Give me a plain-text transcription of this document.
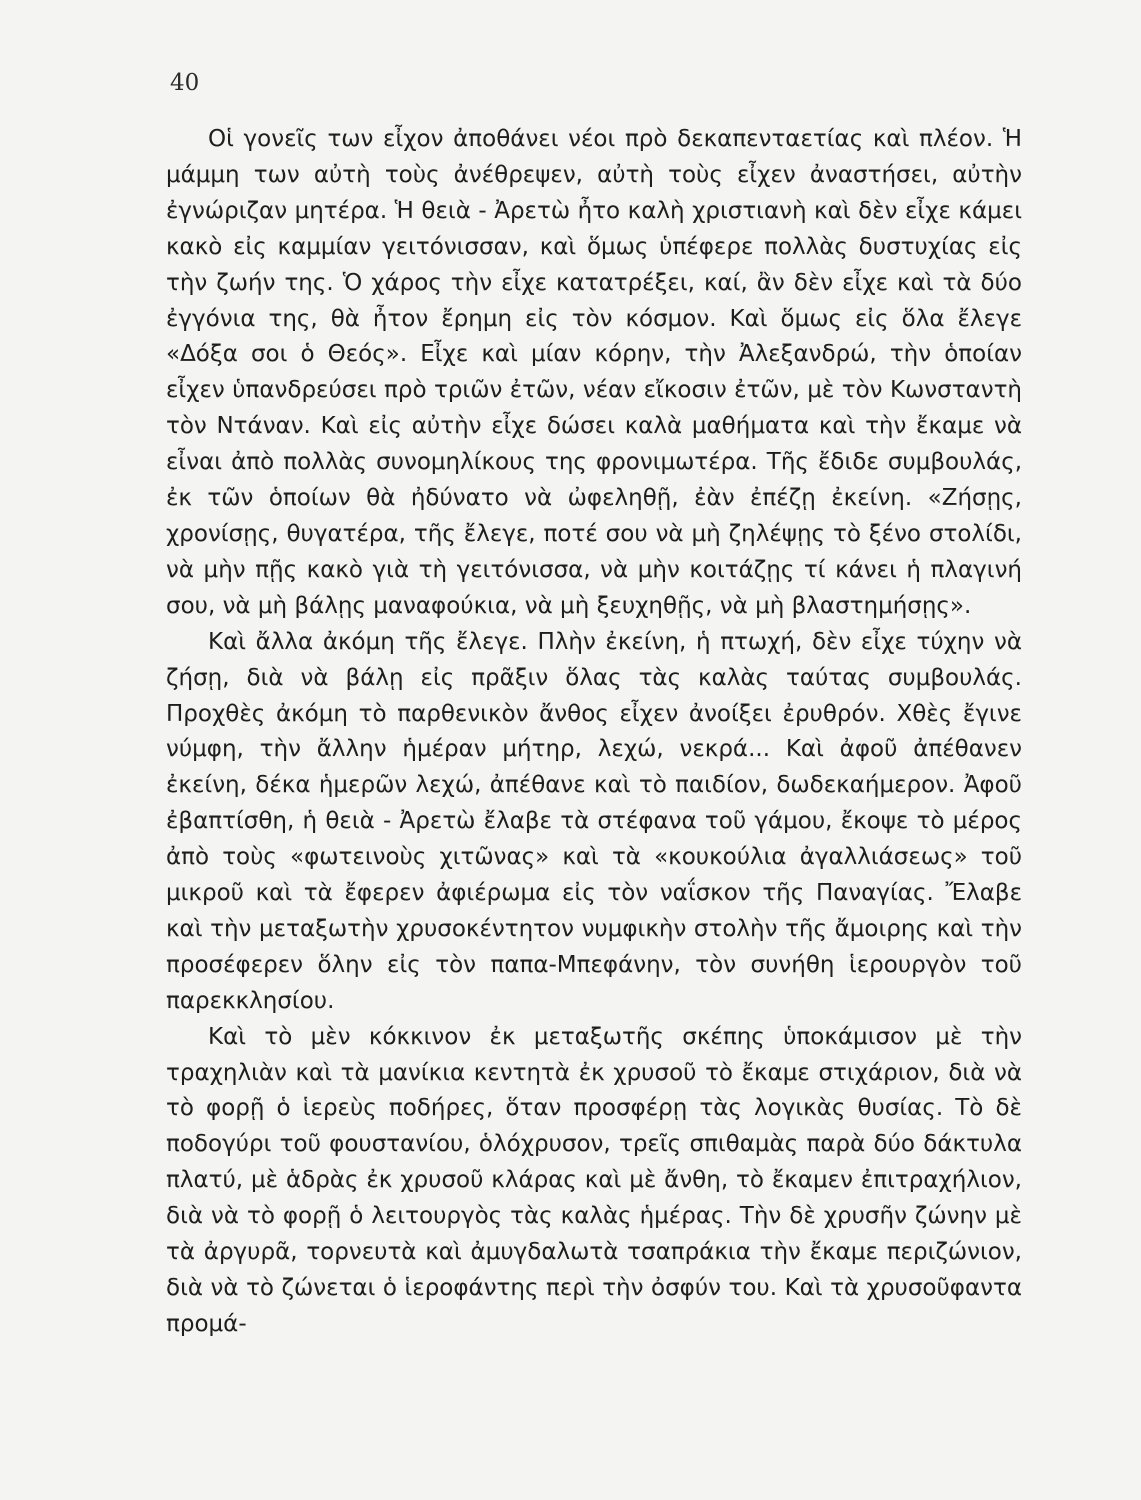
40

Οἱ γονεῖς των εἶχον ἀποθάνει νέοι πρὸ δεκαπενταετίας καὶ πλέον. Ἡ μάμμη των αὐτὴ τοὺς ἀνέθρεψεν, αὐτὴ τοὺς εἶχεν ἀναστήσει, αὐτὴν ἐγνώριζαν μητέρα. Ἡ θειὰ - Ἀρετὼ ἦτο καλὴ χριστιανὴ καὶ δὲν εἶχε κάμει κακὸ εἰς καμμίαν γειτόνισσαν, καὶ ὅμως ὑπέφερε πολλὰς δυστυχίας εἰς τὴν ζωήν της. Ὁ χάρος τὴν εἶχε κατατρέξει, καί, ἂν δὲν εἶχε καὶ τὰ δύο ἐγγόνια της, θὰ ἦτον ἔρημη εἰς τὸν κόσμον. Καὶ ὅμως εἰς ὅλα ἔλεγε «Δόξα σοι ὁ Θεός». Εἶχε καὶ μίαν κόρην, τὴν Ἀλεξανδρώ, τὴν ὁποίαν εἶχεν ὑπανδρεύσει πρὸ τριῶν ἐτῶν, νέαν εἴκοσιν ἐτῶν, μὲ τὸν Κωνσταντὴ τὸν Ντάναν. Καὶ εἰς αὐτὴν εἶχε δώσει καλὰ μαθήματα καὶ τὴν ἔκαμε νὰ εἶναι ἀπὸ πολλὰς συνομηλίκους της φρονιμωτέρα. Τῆς ἔδιδε συμβουλάς, ἐκ τῶν ὁποίων θὰ ἠδύνατο νὰ ὠφεληθῇ, ἐὰν ἐπέζῃ ἐκείνη. «Ζήσῃς, χρονίσῃς, θυγατέρα, τῆς ἔλεγε, ποτέ σου νὰ μὴ ζηλέψῃς τὸ ξένο στολίδι, νὰ μὴν πῇς κακὸ γιὰ τὴ γειτόνισσα, νὰ μὴν κοιτάζῃς τί κάνει ἡ πλαγινή σου, νὰ μὴ βάλῃς μαναφούκια, νὰ μὴ ξευχηθῇς, νὰ μὴ βλαστημήσῃς».

Καὶ ἄλλα ἀκόμη τῆς ἔλεγε. Πλὴν ἐκείνη, ἡ πτωχή, δὲν εἶχε τύχην νὰ ζήσῃ, διὰ νὰ βάλῃ εἰς πρᾶξιν ὅλας τὰς καλὰς ταύτας συμβουλάς. Προχθὲς ἀκόμη τὸ παρθενικὸν ἄνθος εἶχεν ἀνοίξει ἐρυθρόν. Χθὲς ἔγινε νύμφη, τὴν ἄλλην ἡμέραν μήτηρ, λεχώ, νεκρά... Καὶ ἀφοῦ ἀπέθανεν ἐκείνη, δέκα ἡμερῶν λεχώ, ἀπέθανε καὶ τὸ παιδίον, δωδεκαήμερον. Ἀφοῦ ἐβαπτίσθη, ἡ θειὰ - Ἀρετὼ ἔλαβε τὰ στέφανα τοῦ γάμου, ἔκοψε τὸ μέρος ἀπὸ τοὺς «φωτεινοὺς χιτῶνας» καὶ τὰ «κουκούλια ἀγαλλιάσεως» τοῦ μικροῦ καὶ τὰ ἔφερεν ἀφιέρωμα εἰς τὸν ναΐσκον τῆς Παναγίας. Ἔλαβε καὶ τὴν μεταξωτὴν χρυσοκέντητον νυμφικὴν στολὴν τῆς ἄμοιρης καὶ τὴν προσέφερεν ὅλην εἰς τὸν παπα-Μπεφάνην, τὸν συνήθη ἱερουργὸν τοῦ παρεκκλησίου.

Καὶ τὸ μὲν κόκκινον ἐκ μεταξωτῆς σκέπης ὑποκάμισον μὲ τὴν τραχηλιὰν καὶ τὰ μανίκια κεντητὰ ἐκ χρυσοῦ τὸ ἔκαμε στιχάριον, διὰ νὰ τὸ φορῇ ὁ ἱερεὺς ποδήρες, ὅταν προσφέρῃ τὰς λογικὰς θυσίας. Τὸ δὲ ποδογύρι τοῦ φουστανίου, ὁλόχρυσον, τρεῖς σπιθαμὰς παρὰ δύο δάκτυλα πλατύ, μὲ ἁδρὰς ἐκ χρυσοῦ κλάρας καὶ μὲ ἄνθη, τὸ ἔκαμεν ἐπιτραχήλιον, διὰ νὰ τὸ φορῇ ὁ λειτουργὸς τὰς καλὰς ἡμέρας. Τὴν δὲ χρυσῆν ζώνην μὲ τὰ ἀργυρᾶ, τορνευτὰ καὶ ἀμυγδαλωτὰ τσαπράκια τὴν ἔκαμε περιζώνιον, διὰ νὰ τὸ ζώνεται ὁ ἱεροφάντης περὶ τὴν ὀσφύν του. Καὶ τὰ χρυσοῦφαντα προμά-
